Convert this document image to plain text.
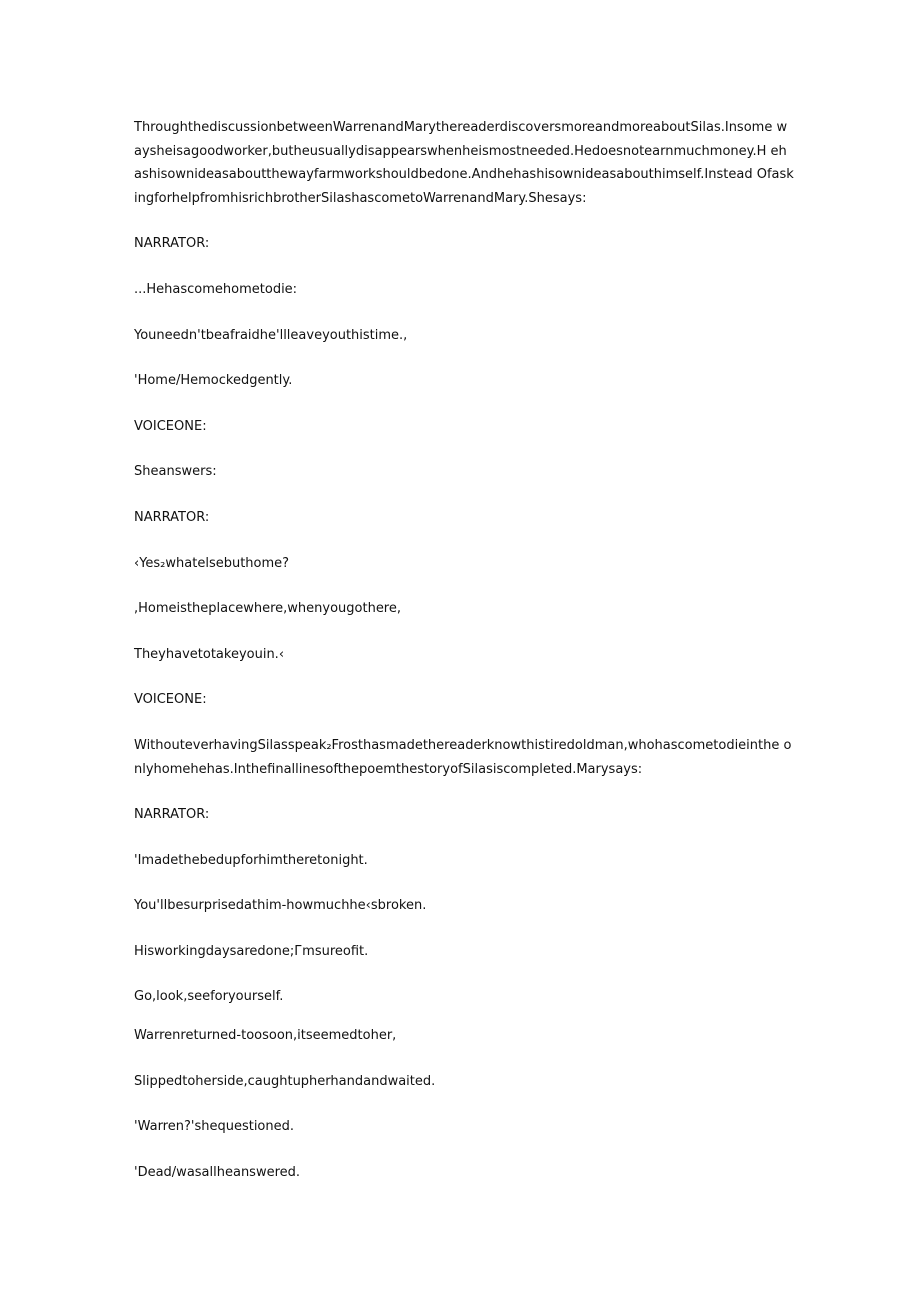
ThroughthediscussionbetweenWarrenandMarythereaderdiscoversmoreandmoreaboutSilas.Insome waysheisagoodworker,butheusuallydisappearswhenheismostneeded.Hedoesnotearnmuchmoney.H ehashisownideasaboutthewayfarmworkshouldbedone.Andhehashisownideasabouthimself.Instead OfaskingforhelpfromhisrichbrotherSilashascometoWarrenandMary.Shesays:

NARRATOR:

...Hehascomehometodie:

Youneedn'tbeafraidhe'llleaveyouthistime.,

'Home/Hemockedgently.

VOICEONE:

Sheanswers:

NARRATOR:

‹Yes₂whatelsebuthome?

,Homeistheplacewhere,whenyougothere,

Theyhavetotakeyouin.‹

VOICEONE:

WithouteverhavingSilasspeak₂Frosthasmadethereaderknowthistiredoldman,whohascometodieinthe onlyhomehehas.InthefinallinesofthepoemthestoryofSilasiscompleted.Marysays:

NARRATOR:

'Imadethebedupforhimtheretonight.

You'llbesurprisedathim-howmuchhe‹sbroken.

Hisworkingdaysaredone;Гmsureofit.

Go,look,seeforyourself.

Warrenreturned-toosoon,itseemedtoher,

Slippedtoherside,caughtupherhandandwaited.

'Warren?'shequestioned.

'Dead/wasallheanswered.
